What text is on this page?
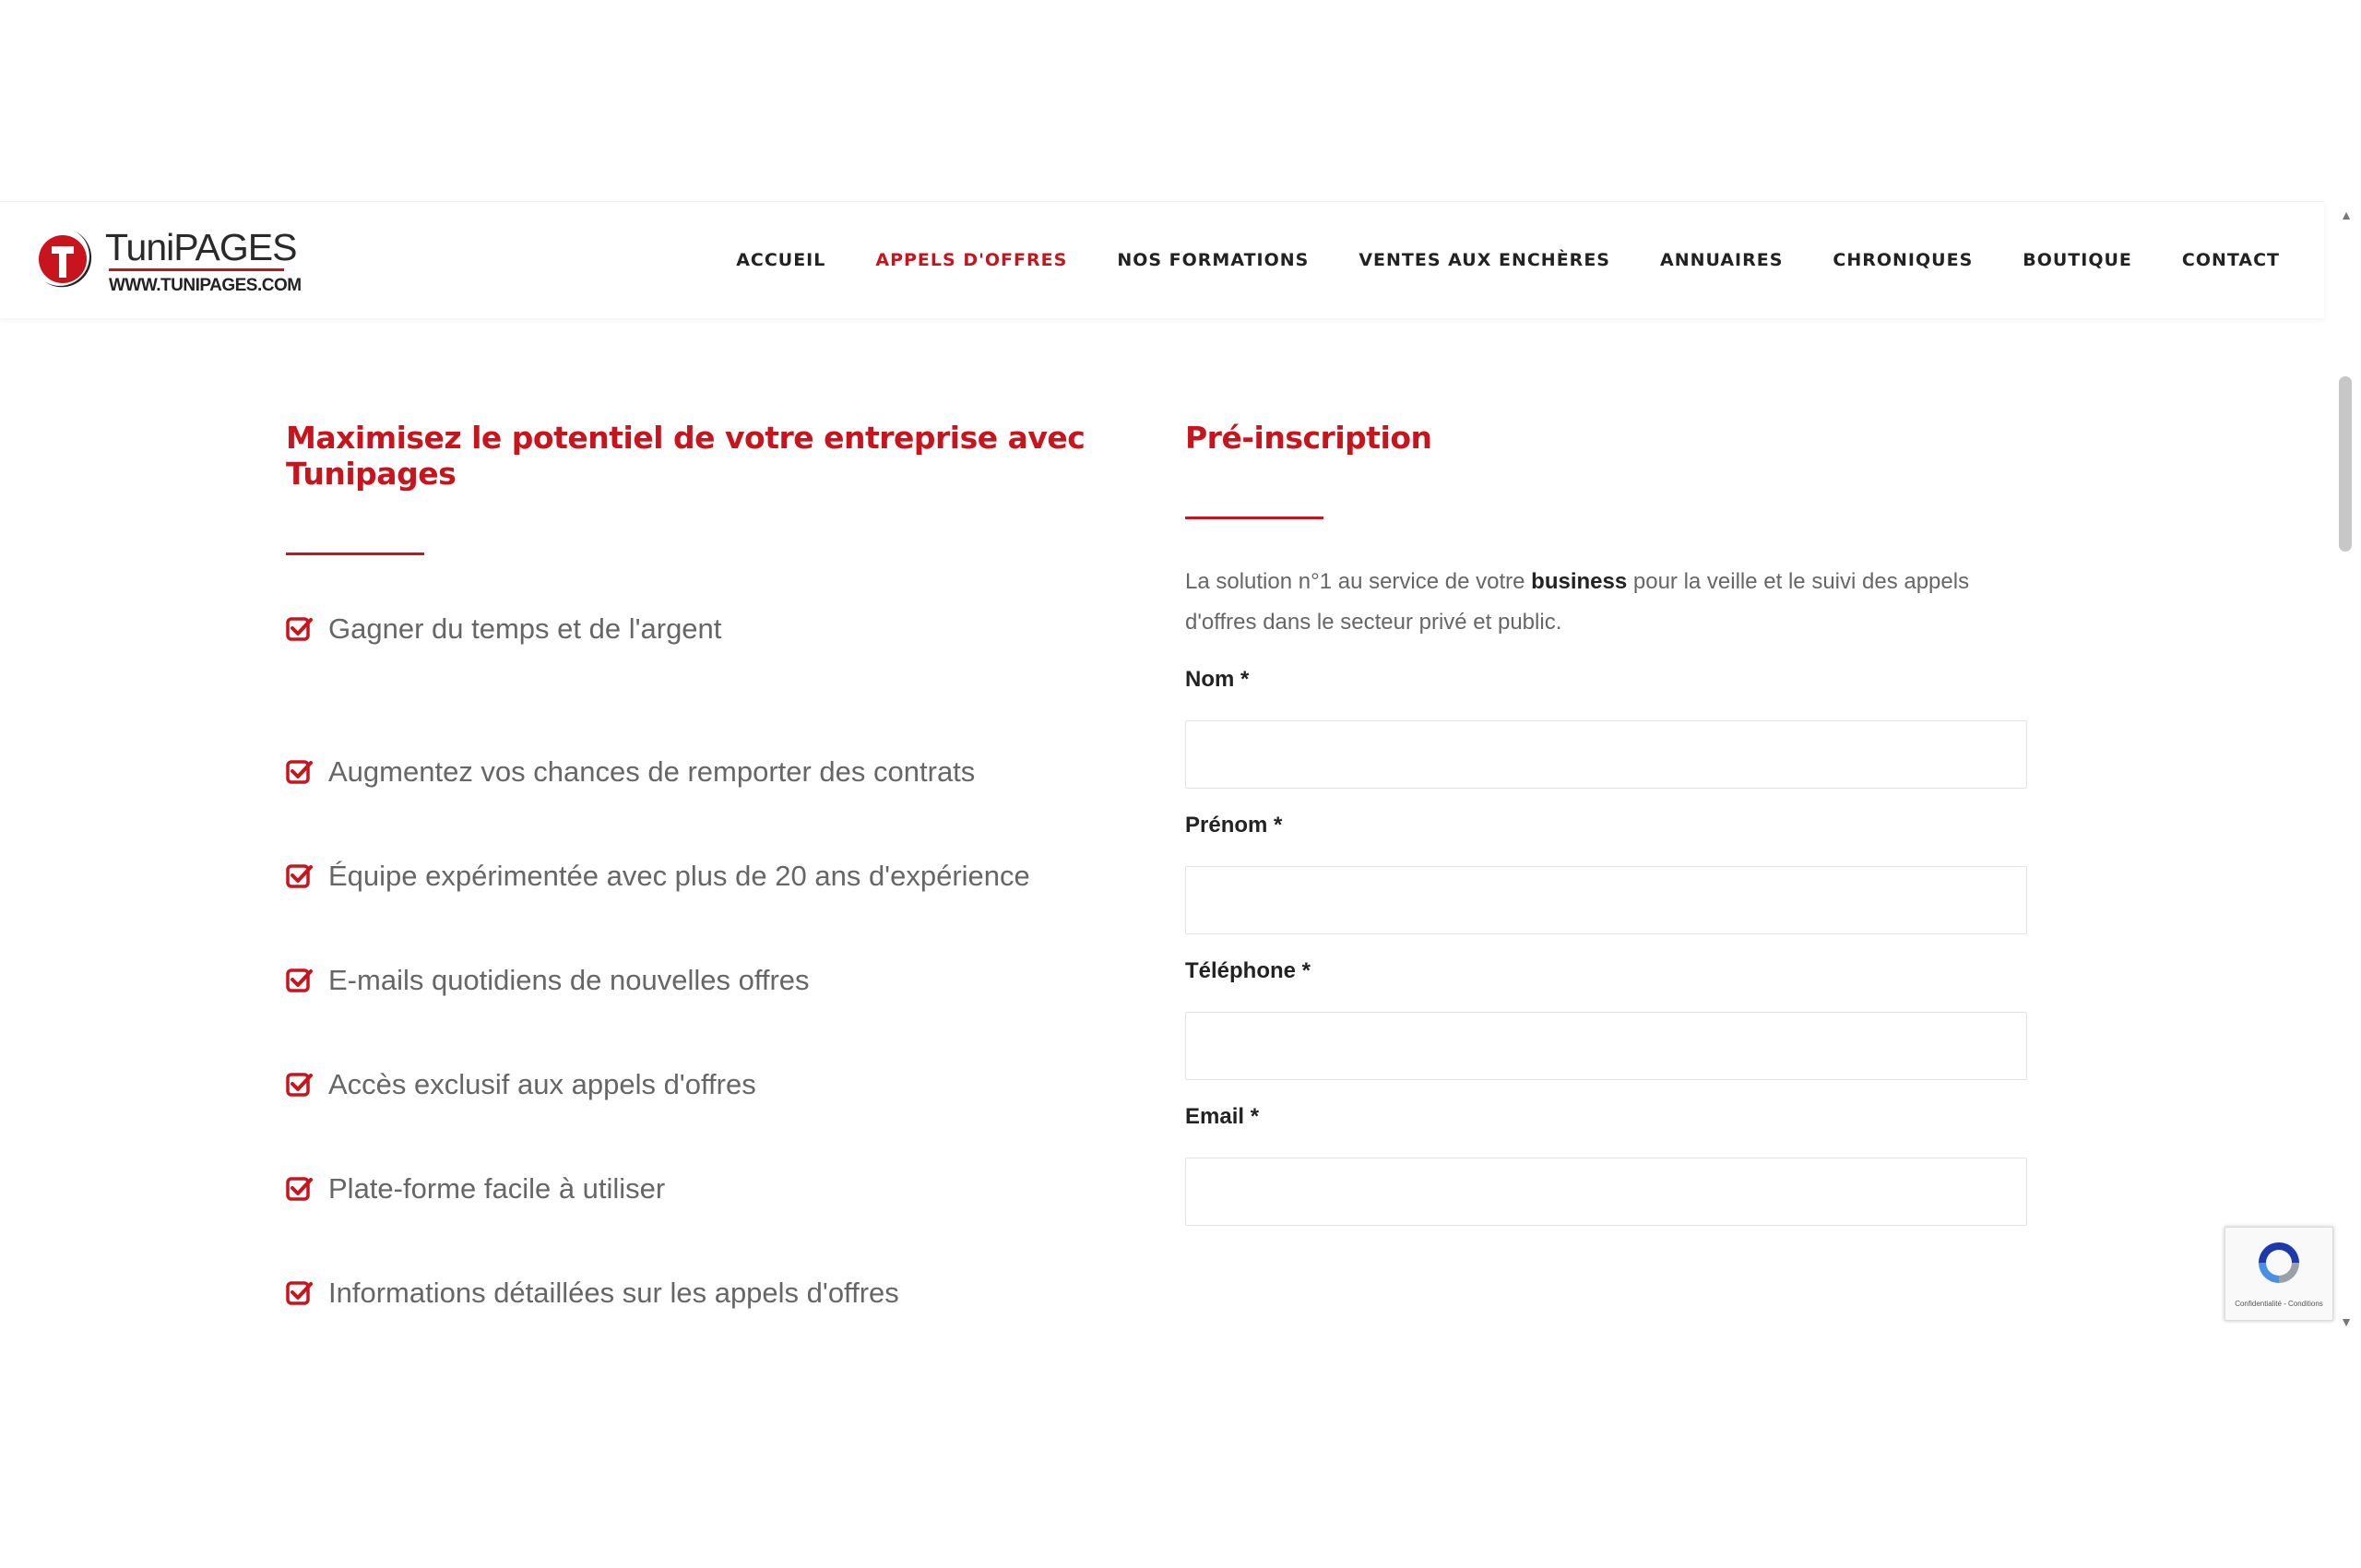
TuniPAGES
WWW.TUNIPAGES.COM
ACCUEIL	APPELS D'OFFRES	NOS FORMATIONS	VENTES AUX ENCHÈRES	ANNUAIRES	CHRONIQUES	BOUTIQUE	CONTACT
▲
▼
Maximisez le potentiel de votre entreprise avec Tunipages
Gagner du temps et de l'argent
Augmentez vos chances de remporter des contrats
Équipe expérimentée avec plus de 20 ans d'expérience
E-mails quotidiens de nouvelles offres
Accès exclusif aux appels d'offres
Plate-forme facile à utiliser
Informations détaillées sur les appels d'offres
Pré-inscription

La solution n°1 au service de votre business pour la veille et le suivi des appels d'offres dans le secteur privé et public.

Nom *
Prénom *
Téléphone *
Email *
Confidentialité - Conditions
